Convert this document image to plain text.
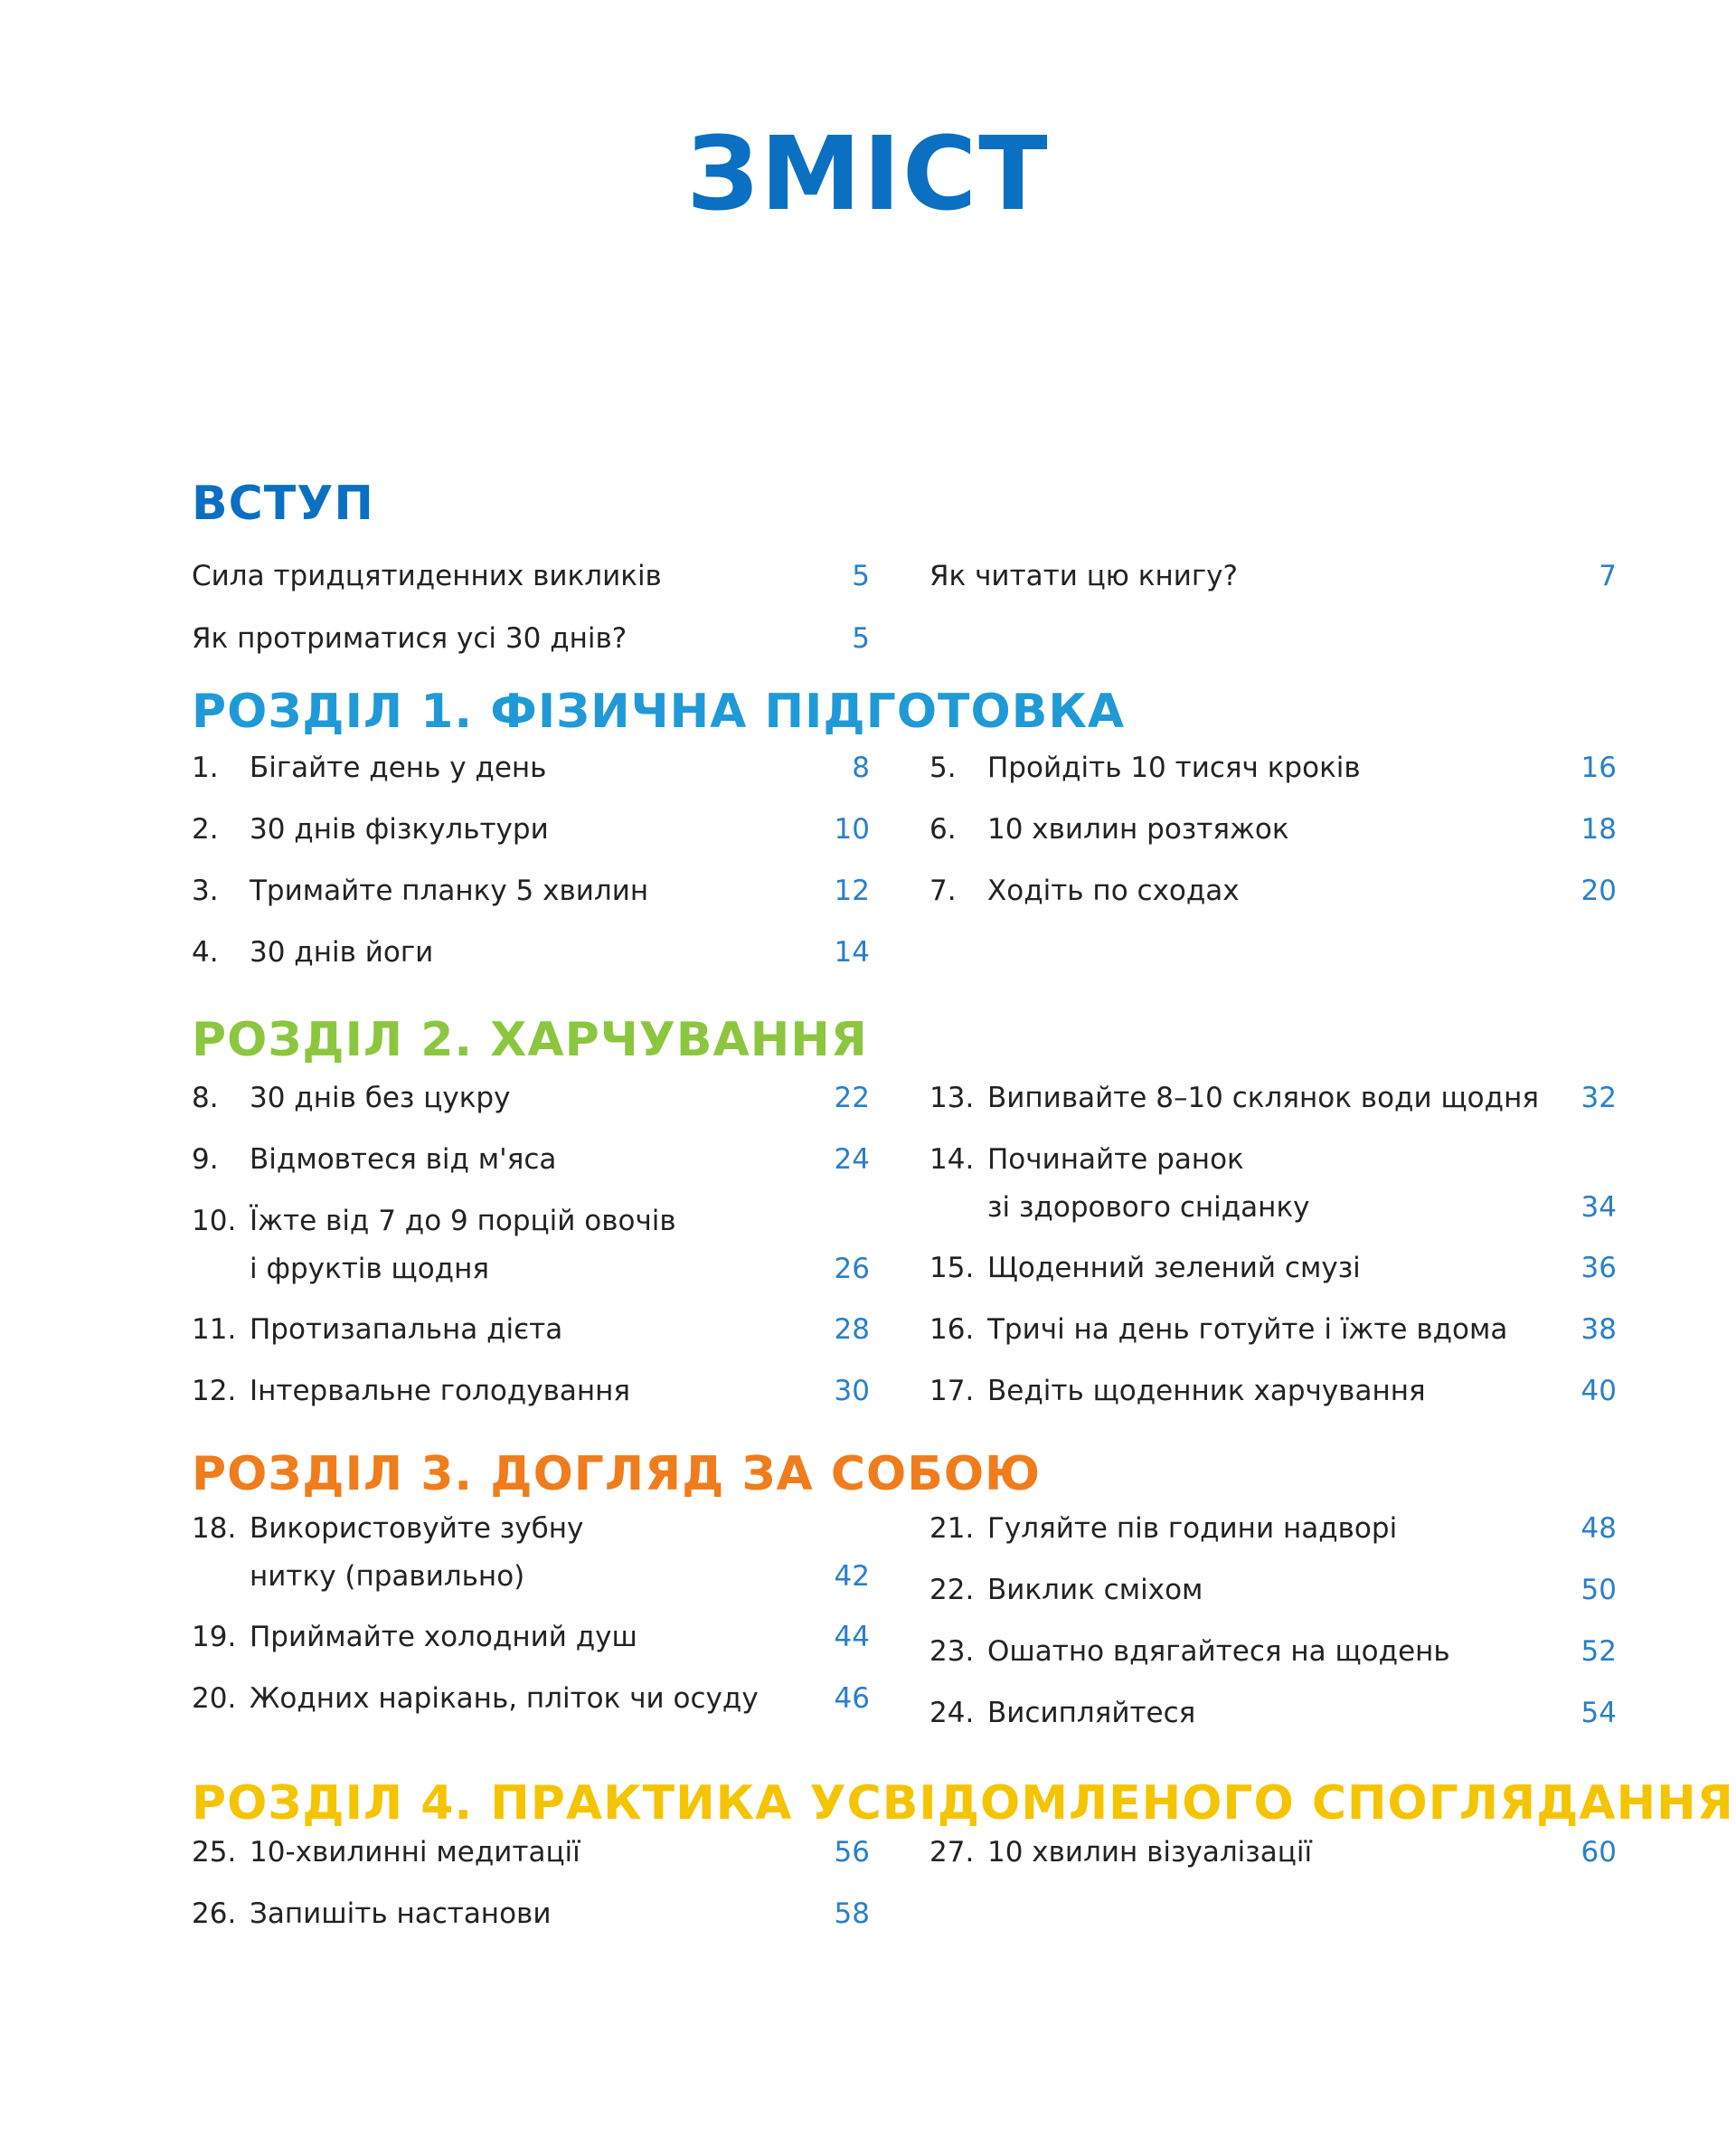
ЗМІСТ
ВСТУП
Сила тридцятиденних викликів	5
Як протриматися усі 30 днів?	5
Як читати цю книгу?	7
РОЗДІЛ 1. ФІЗИЧНА ПІДГОТОВКА
1. Бігайте день у день	8
2. 30 днів фізкультури	10
3. Тримайте планку 5 хвилин	12
4. 30 днів йоги	14
5. Пройдіть 10 тисяч кроків	16
6. 10 хвилин розтяжок	18
7. Ходіть по сходах	20
РОЗДІЛ 2. ХАРЧУВАННЯ
8. 30 днів без цукру	22
9. Відмовтеся від м'яса	24
10. Їжте від 7 до 9 порцій овочів
і фруктів щодня	26
11. Протизапальна дієта	28
12. Інтервальне голодування	30
13. Випивайте 8–10 склянок води щодня 32
14. Починайте ранок
зі здорового сніданку	34
15. Щоденний зелений смузі	36
16. Тричі на день готуйте і їжте вдома	38
17. Ведіть щоденник харчування	40
РОЗДІЛ 3. ДОГЛЯД ЗА СОБОЮ
18. Використовуйте зубну
нитку (правильно)	42
19. Приймайте холодний душ	44
20. Жодних нарікань, пліток чи осуду	46
21. Гуляйте пів години надворі	48
22. Виклик сміхом	50
23. Ошатно вдягайтеся на щодень	52
24. Висипляйтеся	54
РОЗДІЛ 4. ПРАКТИКА УСВІДОМЛЕНОГО СПОГЛЯДАННЯ
25. 10-хвилинні медитації	56
26. Запишіть настанови	58
27. 10 хвилин візуалізації	60
